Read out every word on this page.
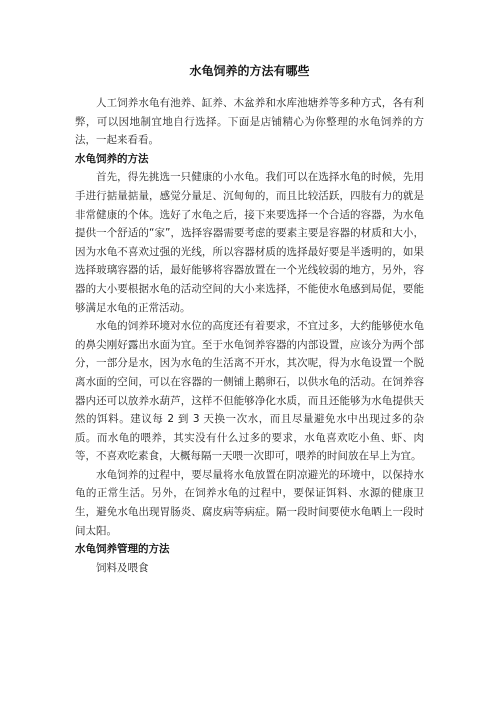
水龟饲养的方法有哪些

人工饲养水龟有池养、缸养、木盆养和水库池塘养等多种方式，各有利弊，可以因地制宜地自行选择。下面是店铺精心为你整理的水龟饲养的方法，一起来看看。

水龟饲养的方法

首先，得先挑选一只健康的小水龟。我们可以在选择水龟的时候，先用手进行掂量掂量，感觉分量足、沉甸甸的，而且比较活跃，四肢有力的就是非常健康的个体。选好了水龟之后，接下来要选择一个合适的容器，为水龟提供一个舒适的“家”，选择容器需要考虑的要素主要是容器的材质和大小，因为水龟不喜欢过强的光线，所以容器材质的选择最好要是半透明的，如果选择玻璃容器的话，最好能够将容器放置在一个光线较弱的地方，另外，容器的大小要根据水龟的活动空间的大小来选择，不能使水龟感到局促，要能够满足水龟的正常活动。

水龟的饲养环境对水位的高度还有着要求，不宜过多，大约能够使水龟的鼻尖刚好露出水面为宜。至于水龟饲养容器的内部设置，应该分为两个部分，一部分是水，因为水龟的生活离不开水，其次呢，得为水龟设置一个脱离水面的空间，可以在容器的一侧铺上鹅卵石，以供水龟的活动。在饲养容器内还可以放养水葫芦，这样不但能够净化水质，而且还能够为水龟提供天然的饵料。建议每 2 到 3 天换一次水，而且尽量避免水中出现过多的杂质。而水龟的喂养，其实没有什么过多的要求，水龟喜欢吃小鱼、虾、肉等，不喜欢吃素食，大概每隔一天喂一次即可，喂养的时间放在早上为宜。

水龟饲养的过程中，要尽量将水龟放置在阴凉避光的环境中，以保持水龟的正常生活。另外，在饲养水龟的过程中，要保证饵料、水源的健康卫生，避免水龟出现胃肠炎、腐皮病等病症。隔一段时间要使水龟晒上一段时间太阳。

水龟饲养管理的方法

饲料及喂食
